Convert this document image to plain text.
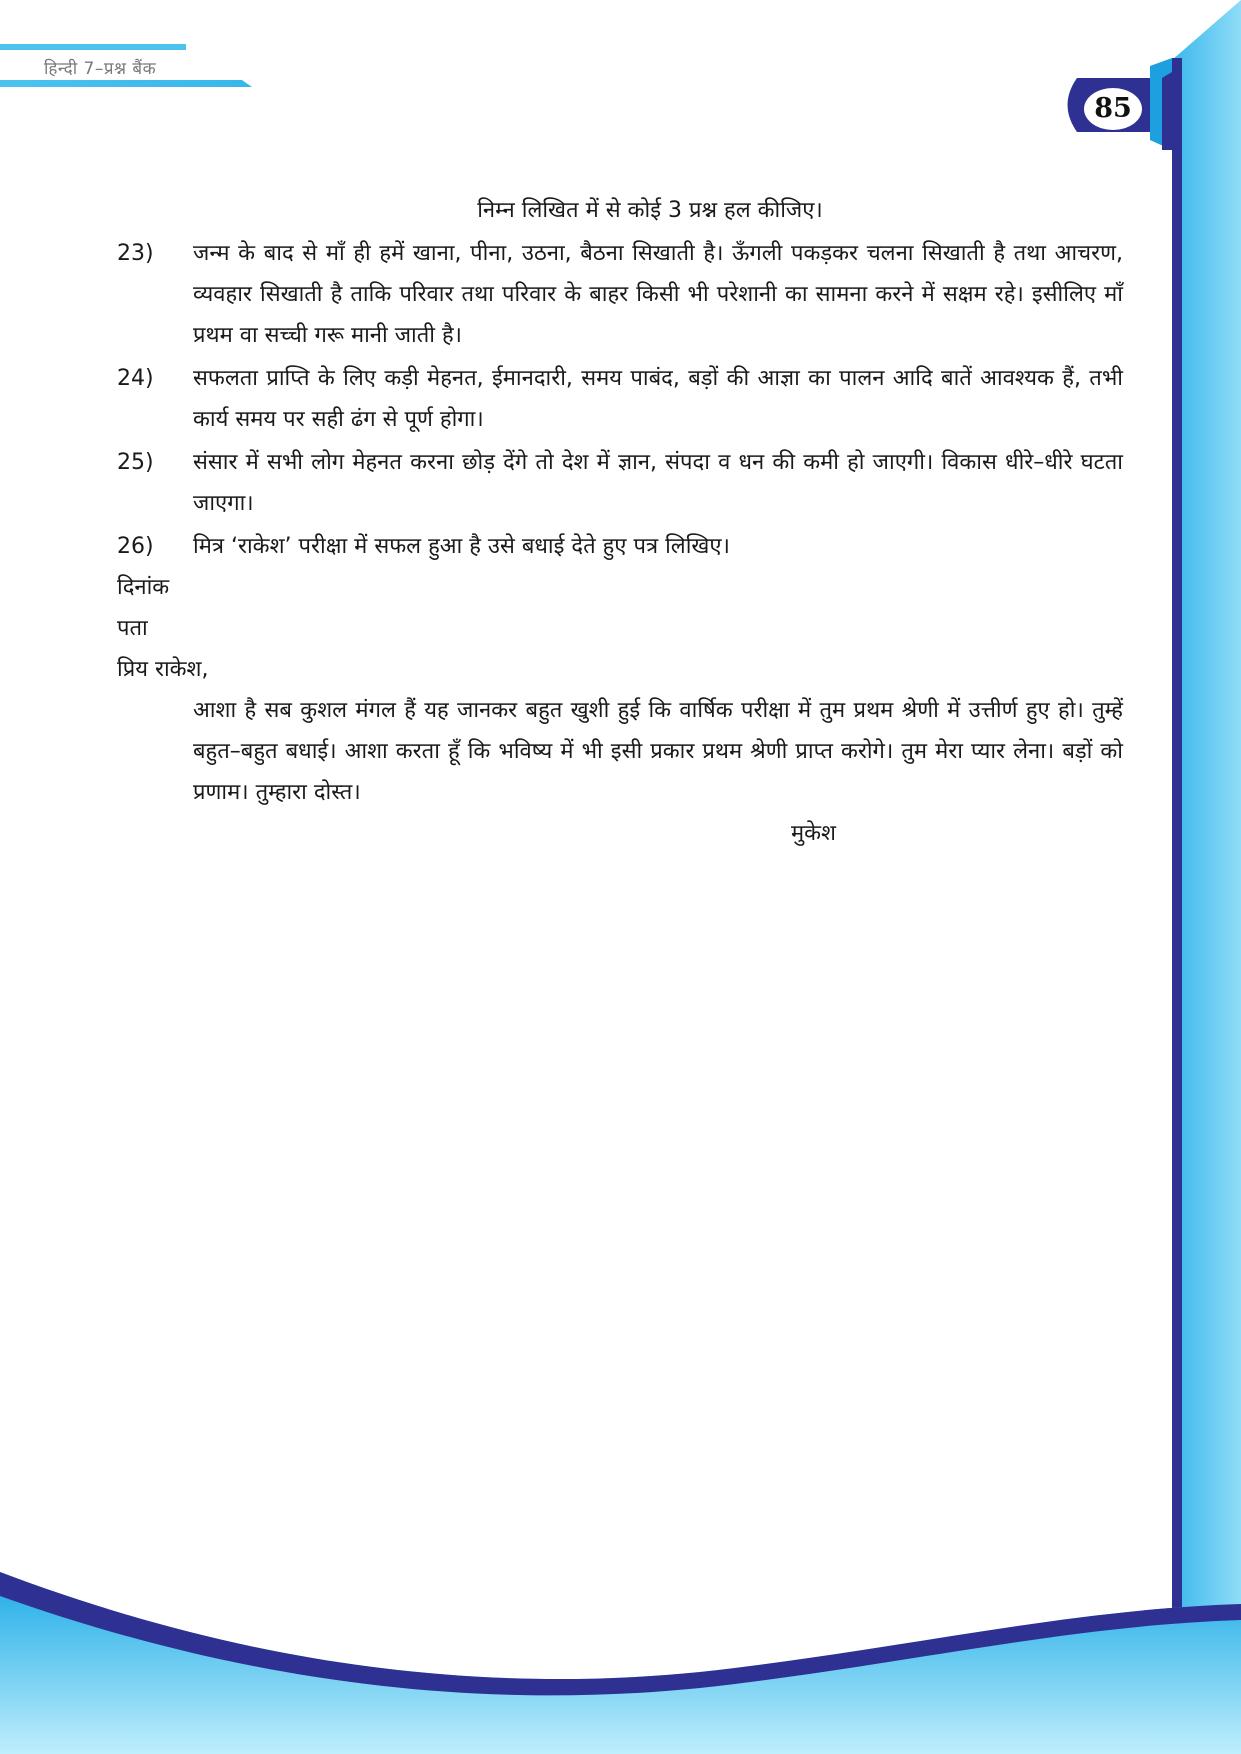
हिन्दी 7–प्रश्न बैंक
85
निम्न लिखित में से कोई 3 प्रश्न हल कीजिए।
23)	जन्म के बाद से माँ ही हमें खाना, पीना, उठना, बैठना सिखाती है। ऊँगली पकड़कर चलना सिखाती है तथा आचरण, व्यवहार सिखाती है ताकि परिवार तथा परिवार के बाहर किसी भी परेशानी का सामना करने में सक्षम रहे। इसीलिए माँ प्रथम वा सच्ची गरू मानी जाती है।
24)	सफलता प्राप्ति के लिए कड़ी मेहनत, ईमानदारी, समय पाबंद, बड़ों की आज्ञा का पालन आदि बातें आवश्यक हैं, तभी कार्य समय पर सही ढंग से पूर्ण होगा।
25)	संसार में सभी लोग मेहनत करना छोड़ देंगे तो देश में ज्ञान, संपदा व धन की कमी हो जाएगी। विकास धीरे–धीरे घटता जाएगा।
26)	मित्र ‘राकेश’ परीक्षा में सफल हुआ है उसे बधाई देते हुए पत्र लिखिए।

दिनांक

पता

प्रिय राकेश,

आशा है सब कुशल मंगल हैं यह जानकर बहुत खुशी हुई कि वार्षिक परीक्षा में तुम प्रथम श्रेणी में उत्तीर्ण हुए हो। तुम्हें बहुत–बहुत बधाई। आशा करता हूँ कि भविष्य में भी इसी प्रकार प्रथम श्रेणी प्राप्त करोगे। तुम मेरा प्यार लेना। बड़ों को प्रणाम। तुम्हारा दोस्त।

मुकेश
